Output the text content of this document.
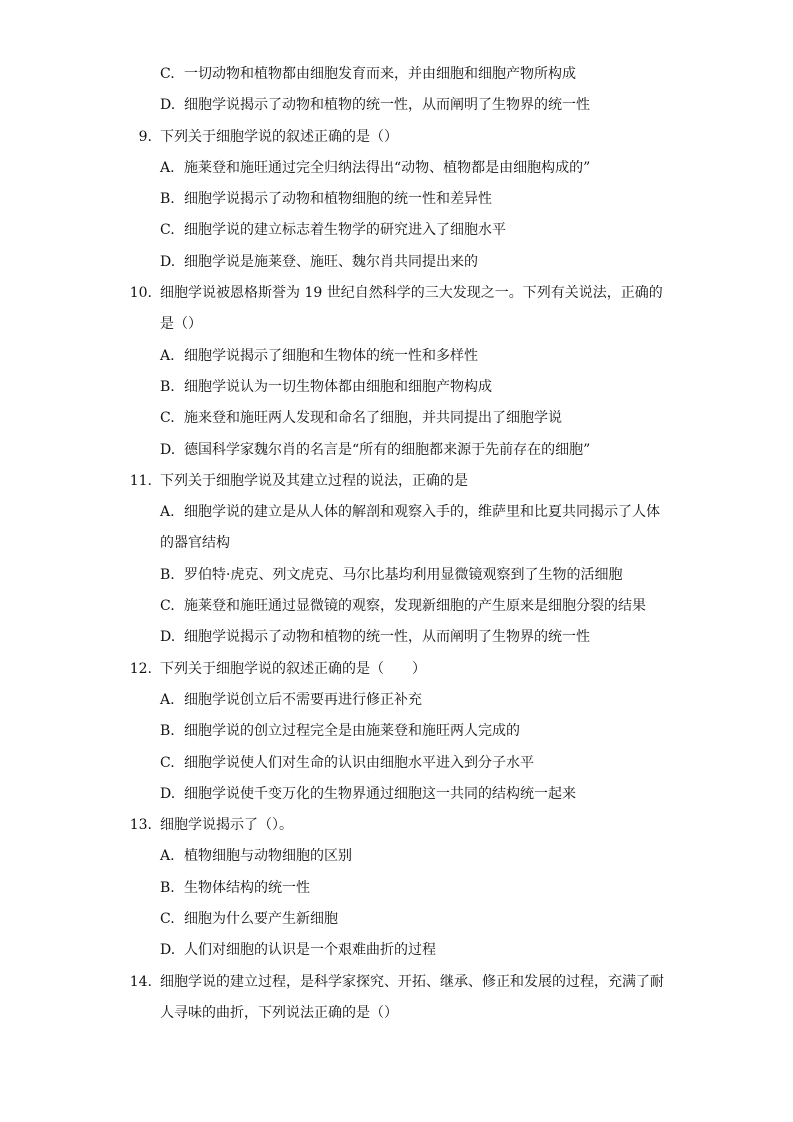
C. 一切动物和植物都由细胞发育而来，并由细胞和细胞产物所构成
D. 细胞学说揭示了动物和植物的统一性，从而阐明了生物界的统一性
9. 下列关于细胞学说的叙述正确的是（）
A. 施莱登和施旺通过完全归纳法得出“动物、植物都是由细胞构成的”
B. 细胞学说揭示了动物和植物细胞的统一性和差异性
C. 细胞学说的建立标志着生物学的研究进入了细胞水平
D. 细胞学说是施莱登、施旺、魏尔肖共同提出来的
10. 细胞学说被恩格斯誉为 19 世纪自然科学的三大发现之一。下列有关说法，正确的
是（）
A. 细胞学说揭示了细胞和生物体的统一性和多样性
B. 细胞学说认为一切生物体都由细胞和细胞产物构成
C. 施来登和施旺两人发现和命名了细胞，并共同提出了细胞学说
D. 德国科学家魏尔肖的名言是“所有的细胞都来源于先前存在的细胞”
11. 下列关于细胞学说及其建立过程的说法，正确的是
A. 细胞学说的建立是从人体的解剖和观察入手的，维萨里和比夏共同揭示了人体
的器官结构
B. 罗伯特·虎克、列文虎克、马尔比基均利用显微镜观察到了生物的活细胞
C. 施莱登和施旺通过显微镜的观察，发现新细胞的产生原来是细胞分裂的结果
D. 细胞学说揭示了动物和植物的统一性，从而阐明了生物界的统一性
12. 下列关于细胞学说的叙述正确的是（　　）
A. 细胞学说创立后不需要再进行修正补充
B. 细胞学说的创立过程完全是由施莱登和施旺两人完成的
C. 细胞学说使人们对生命的认识由细胞水平进入到分子水平
D. 细胞学说使千变万化的生物界通过细胞这一共同的结构统一起来
13. 细胞学说揭示了（）。
A. 植物细胞与动物细胞的区别
B. 生物体结构的统一性
C. 细胞为什么要产生新细胞
D. 人们对细胞的认识是一个艰难曲折的过程
14. 细胞学说的建立过程，是科学家探究、开拓、继承、修正和发展的过程，充满了耐
人寻味的曲折，下列说法正确的是（）
